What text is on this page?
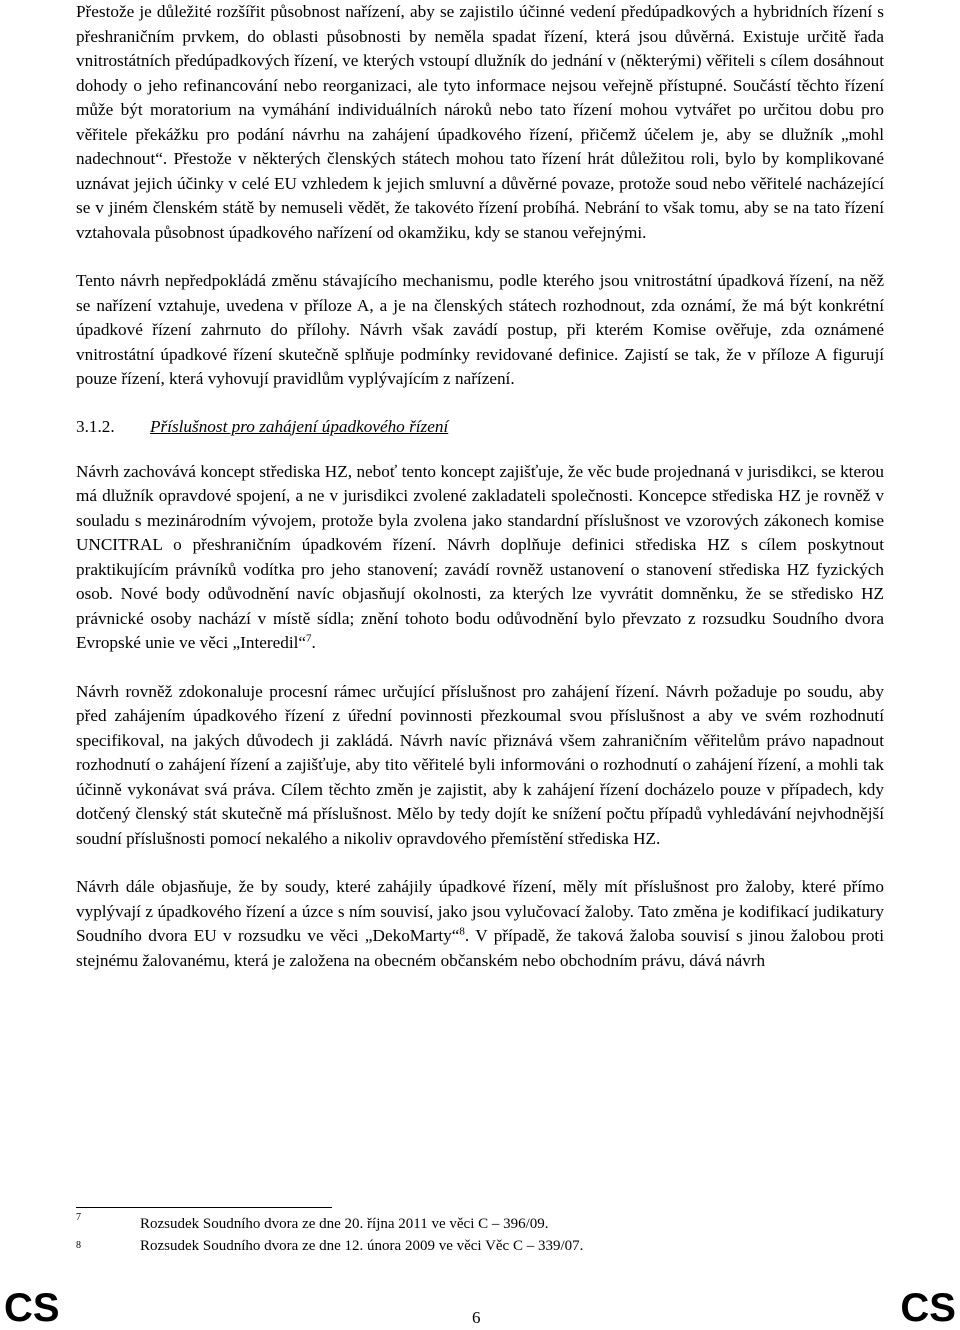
Přestože je důležité rozšířit působnost nařízení, aby se zajistilo účinné vedení předúpadkových a hybridních řízení s přeshraničním prvkem, do oblasti působnosti by neměla spadat řízení, která jsou důvěrná. Existuje určitě řada vnitrostátních předúpadkových řízení, ve kterých vstoupí dlužník do jednání v (některými) věřiteli s cílem dosáhnout dohody o jeho refinancování nebo reorganizaci, ale tyto informace nejsou veřejně přístupné. Součástí těchto řízení může být moratorium na vymáhání individuálních nároků nebo tato řízení mohou vytvářet po určitou dobu pro věřitele překážku pro podání návrhu na zahájení úpadkového řízení, přičemž účelem je, aby se dlužník „mohl nadechnout“. Přestože v některých členských státech mohou tato řízení hrát důležitou roli, bylo by komplikované uznávat jejich účinky v celé EU vzhledem k jejich smluvní a důvěrné povaze, protože soud nebo věřitelé nacházející se v jiném členském státě by nemuseli vědět, že takovéto řízení probíhá. Nebrání to však tomu, aby se na tato řízení vztahovala působnost úpadkového nařízení od okamžiku, kdy se stanou veřejnými.

Tento návrh nepředpokládá změnu stávajícího mechanismu, podle kterého jsou vnitrostátní úpadková řízení, na něž se nařízení vztahuje, uvedena v příloze A, a je na členských státech rozhodnout, zda oznámí, že má být konkrétní úpadkové řízení zahrnuto do přílohy. Návrh však zavádí postup, při kterém Komise ověřuje, zda oznámené vnitrostátní úpadkové řízení skutečně splňuje podmínky revidované definice. Zajistí se tak, že v příloze A figurují pouze řízení, která vyhovují pravidlům vyplývajícím z nařízení.

3.1.2.	Příslušnost pro zahájení úpadkového řízení

Návrh zachovává koncept střediska HZ, neboť tento koncept zajišťuje, že věc bude projednaná v jurisdikci, se kterou má dlužník opravdové spojení, a ne v jurisdikci zvolené zakladateli společnosti. Koncepce střediska HZ je rovněž v souladu s mezinárodním vývojem, protože byla zvolena jako standardní příslušnost ve vzorových zákonech komise UNCITRAL o přeshraničním úpadkovém řízení. Návrh doplňuje definici střediska HZ s cílem poskytnout praktikujícím právníků vodítka pro jeho stanovení; zavádí rovněž ustanovení o stanovení střediska HZ fyzických osob. Nové body odůvodnění navíc objasňují okolnosti, za kterých lze vyvrátit domněnku, že se středisko HZ právnické osoby nachází v místě sídla; znění tohoto bodu odůvodnění bylo převzato z rozsudku Soudního dvora Evropské unie ve věci „Interedil“$^7$.

Návrh rovněž zdokonaluje procesní rámec určující příslušnost pro zahájení řízení. Návrh požaduje po soudu, aby před zahájením úpadkového řízení z úřední povinnosti přezkoumal svou příslušnost a aby ve svém rozhodnutí specifikoval, na jakých důvodech ji zakládá. Návrh navíc přiznává všem zahraničním věřitelům právo napadnout rozhodnutí o zahájení řízení a zajišťuje, aby tito věřitelé byli informováni o rozhodnutí o zahájení řízení, a mohli tak účinně vykonávat svá práva. Cílem těchto změn je zajistit, aby k zahájení řízení docházelo pouze v případech, kdy dotčený členský stát skutečně má příslušnost. Mělo by tedy dojít ke snížení počtu případů vyhledávání nejvhodnější soudní příslušnosti pomocí nekalého a nikoliv opravdového přemístění střediska HZ.

Návrh dále objasňuje, že by soudy, které zahájily úpadkové řízení, měly mít příslušnost pro žaloby, které přímo vyplývají z úpadkového řízení a úzce s ním souvisí, jako jsou vylučovací žaloby. Tato změna je kodifikací judikatury Soudního dvora EU v rozsudku ve věci „DekoMarty“$^8$. V případě, že taková žaloba souvisí s jinou žalobou proti stejnému žalovanému, která je založena na obecném občanském nebo obchodním právu, dává návrh

7	Rozsudek Soudního dvora ze dne 20. října 2011 ve věci C – 396/09.
8	Rozsudek Soudního dvora ze dne 12. února 2009 ve věci Věc C – 339/07.
CS	6	CS
